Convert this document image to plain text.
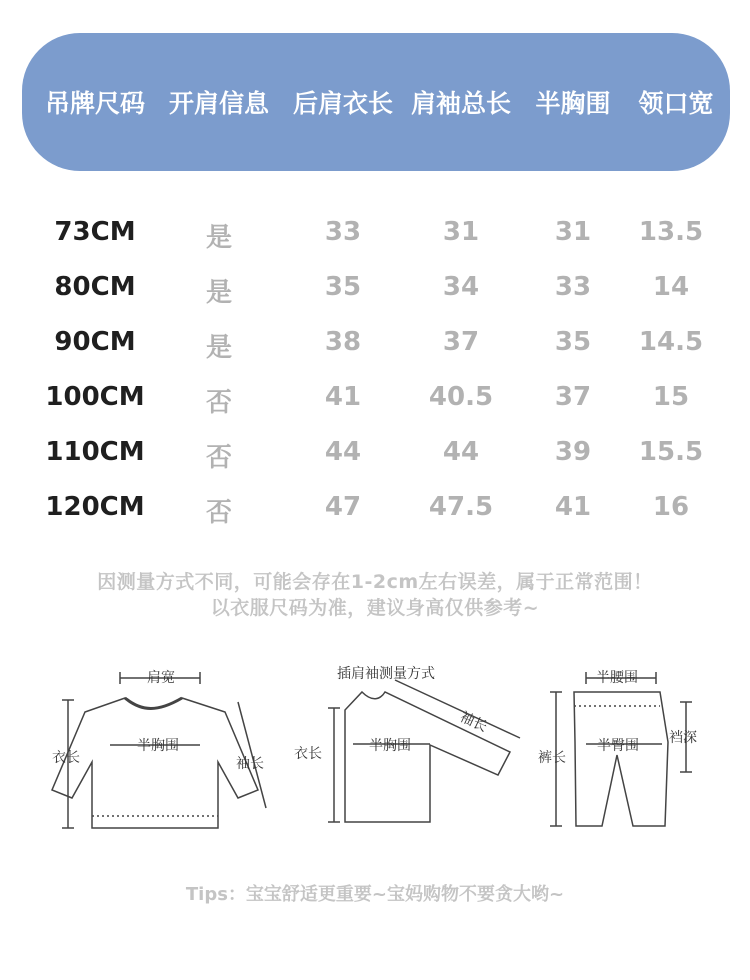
吊牌尺码 开肩信息 后肩衣长 肩袖总长 半胸围 领口宽
73CM	是	33	31	31 13.5
80CM	是	35	34	33 14
90CM	是	38	37	35 14.5
100CM 否	41	40.5 37 15
110CM 否	44	44	39 15.5
120CM 否	47	47.5 41 16
因测量方式不同，可能会存在1-2cm左右误差，属于正常范围！
以衣服尺码为准，建议身高仅供参考~
肩宽
衣长
半胸围
袖长
插肩袖测量方式
衣长	半胸围
袖长
半腰围
裤长
半臀围 裆深
Tips：宝宝舒适更重要~宝妈购物不要贪大哟~
